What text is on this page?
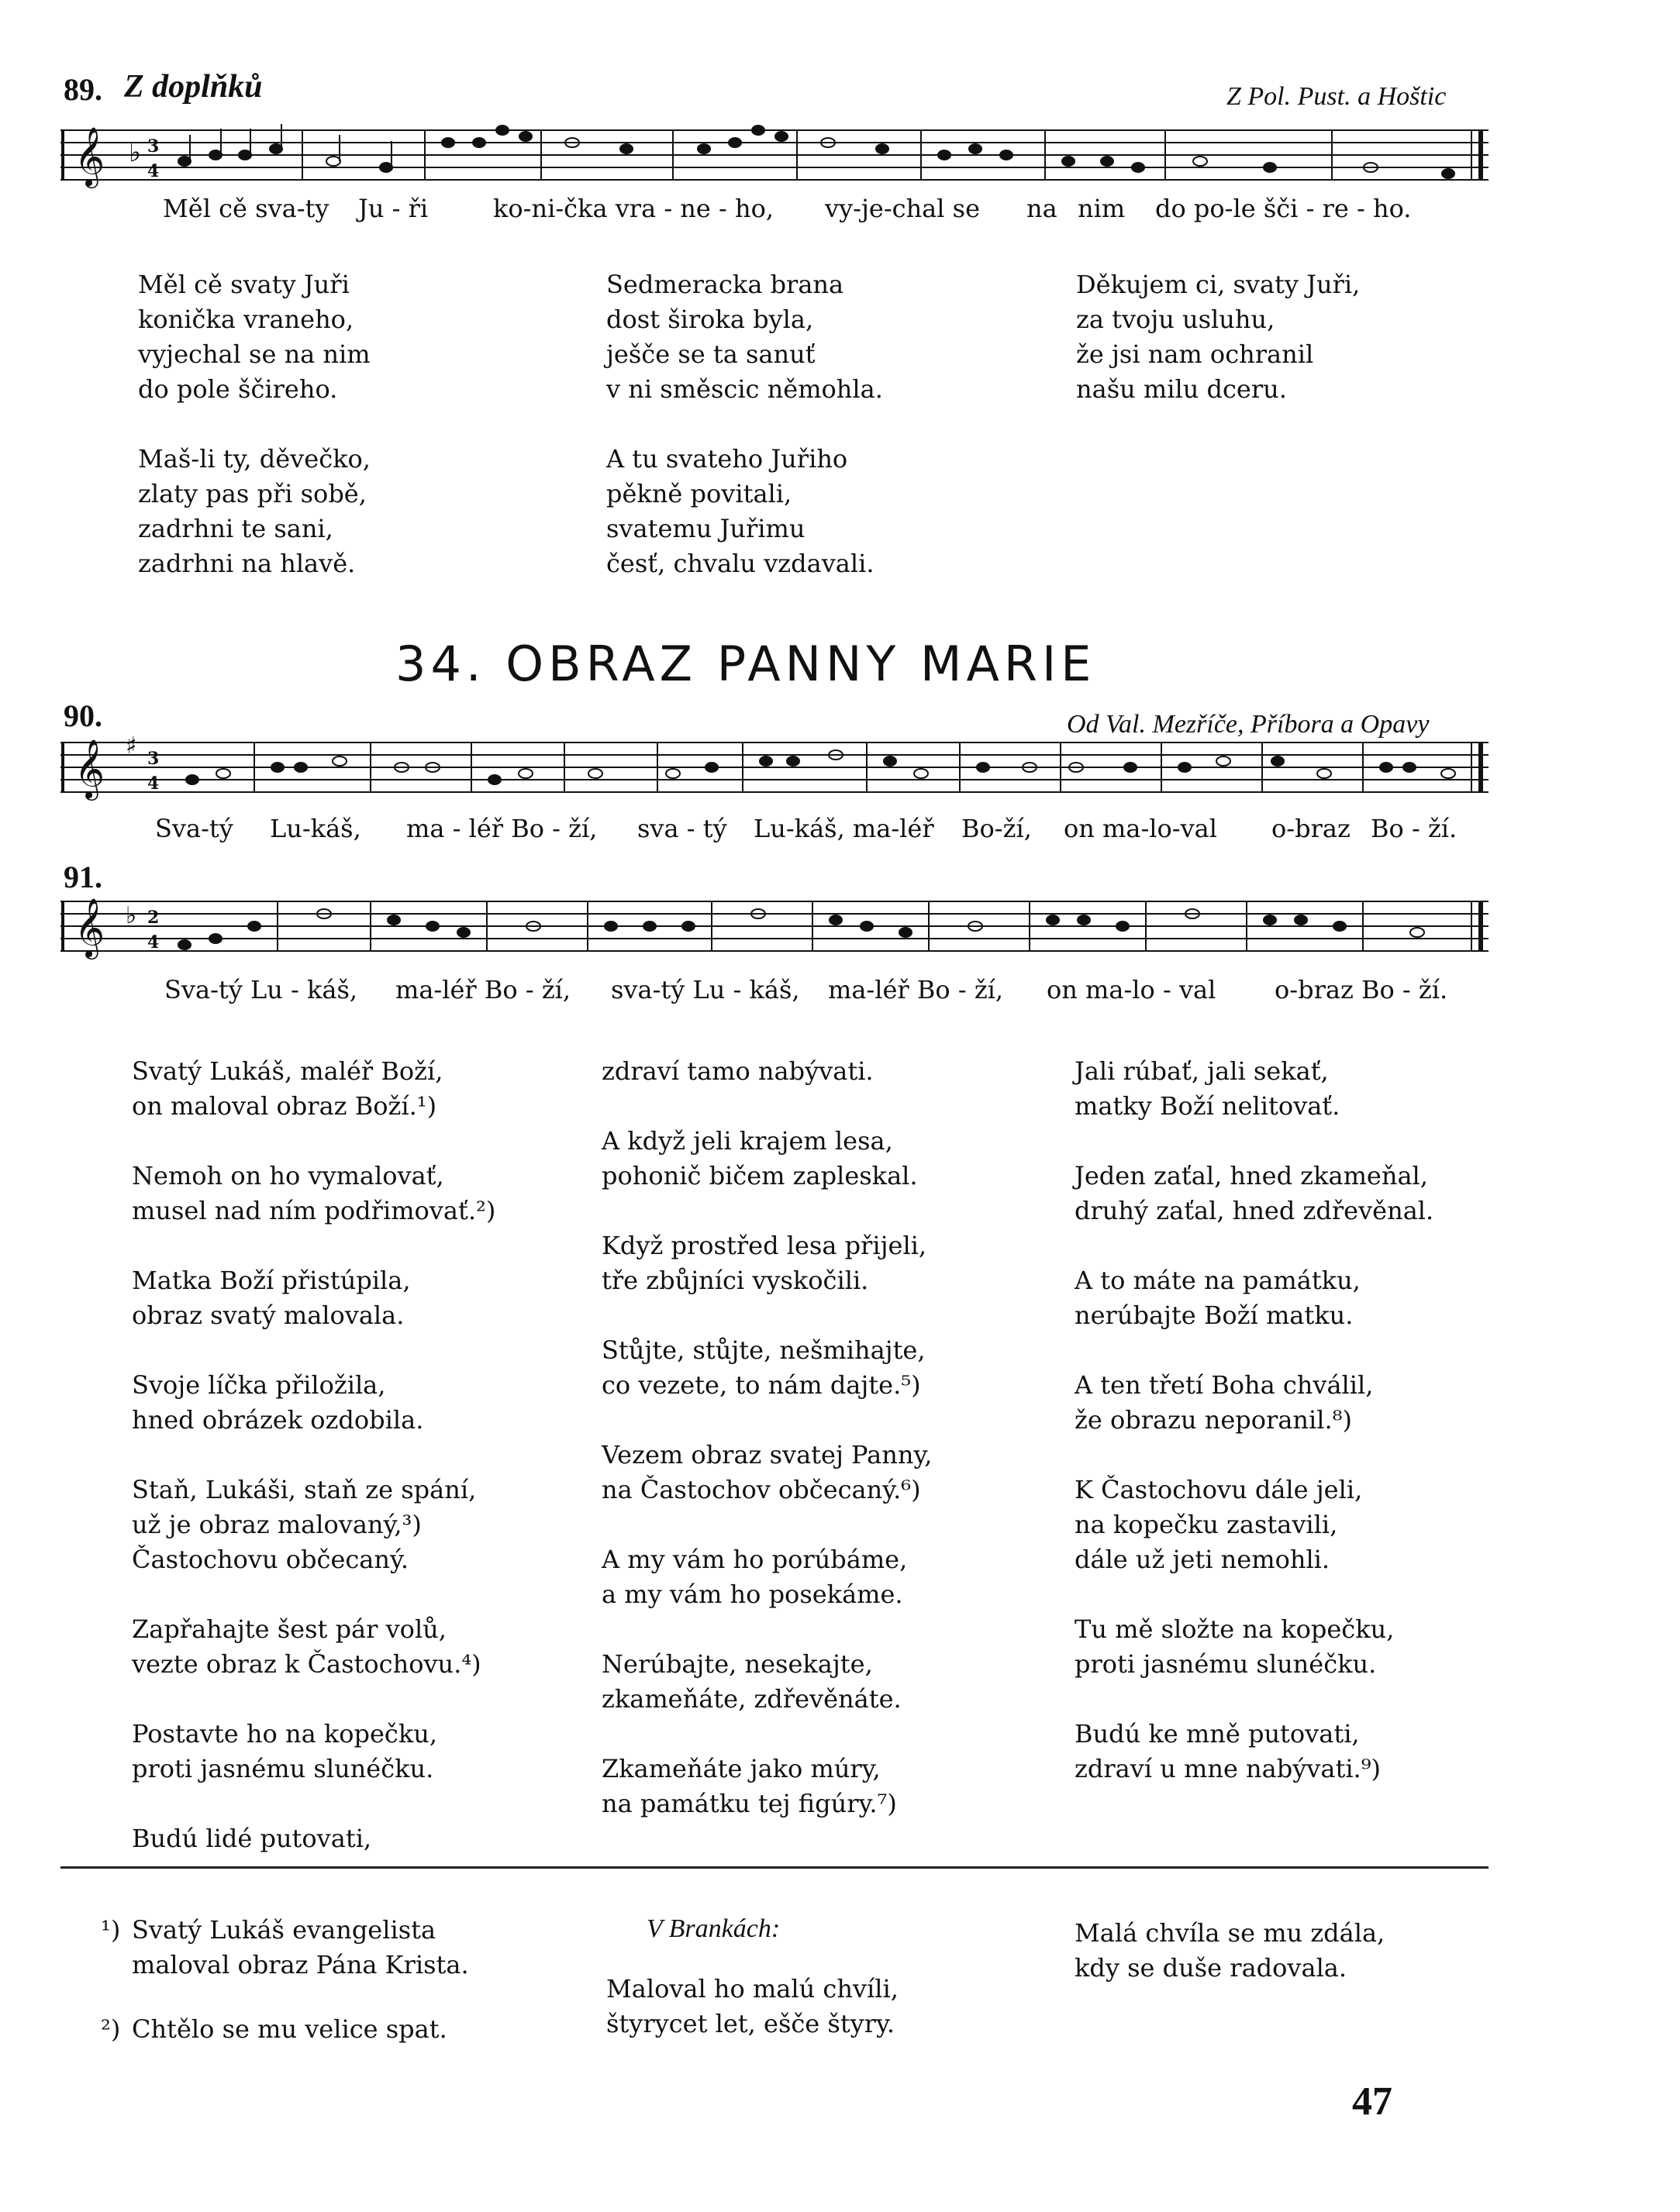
89. Z doplňků	Z Pol. Pust. a Hoštic
𝄞 ♭ 3
4
Měl cě sva-ty Ju - ři	ko-ni-čka vra - ne - ho, vy-je-chal se na nim do po-le šči - re - ho.
Měl cě svaty Juři
konička vraneho,
vyjechal se na nim
do pole ščireho.
Maš-li ty, děvečko,
zlaty pas při sobě,
zadrhni te sani,
zadrhni na hlavě.
Sedmeracka brana
dost široka byla,
ješče se ta sanuť
v ni směscic němohla.
A tu svateho Juřiho
pěkně povitali,
svatemu Juřimu
česť, chvalu vzdavali.
Děkujem ci, svaty Juři,
za tvoju usluhu,
že jsi nam ochranil
našu milu dceru.
34. OBRAZ PANNY MARIE
90.	Od Val. Mezříče, Příbora a Opavy
𝄞 ♯ 3
4
Sva-tý Lu-káš, ma - léř Bo - ží, sva - tý Lu-káš, ma-léř Bo-ží, on ma-lo-val o-braz Bo - ží.
91.
𝄞 ♭ 2
4
Sva-tý Lu - káš, ma-léř Bo - ží, sva-tý Lu - káš, ma-léř Bo - ží, on ma-lo - val o-braz Bo - ží.
Svatý Lukáš, maléř Boží,
on maloval obraz Boží.¹)
Nemoh on ho vymalovať,
musel nad ním podřimovať.²)
Matka Boží přistúpila,
obraz svatý malovala.
Svoje líčka přiložila,
hned obrázek ozdobila.
Staň, Lukáši, staň ze spání,
už je obraz malovaný,³)
Častochovu občecaný.
Zapřahajte šest pár volů,
vezte obraz k Častochovu.⁴)
Postavte ho na kopečku,
proti jasnému slunéčku.
Budú lidé putovati,
zdraví tamo nabývati.
A když jeli krajem lesa,
pohonič bičem zapleskal.
Když prostřed lesa přijeli,
tře zbůjníci vyskočili.
Stůjte, stůjte, nešmihajte,
co vezete, to nám dajte.⁵)
Vezem obraz svatej Panny,
na Častochov občecaný.⁶)
A my vám ho porúbáme,
a my vám ho posekáme.
Nerúbajte, nesekajte,
zkameňáte, zdřevěnáte.
Zkameňáte jako múry,
na památku tej figúry.⁷)
Jali rúbať, jali sekať,
matky Boží nelitovať.
Jeden zaťal, hned zkameňal,
druhý zaťal, hned zdřevěnal.
A to máte na památku,
nerúbajte Boží matku.
A ten třetí Boha chválil,
že obrazu neporanil.⁸)
K Častochovu dále jeli,
na kopečku zastavili,
dále už jeti nemohli.
Tu mě složte na kopečku,
proti jasnému slunéčku.
Budú ke mně putovati,
zdraví u mne nabývati.⁹)
¹) Svatý Lukáš evangelista
maloval obraz Pána Krista.
²) Chtělo se mu velice spat.
V Brankách:
Maloval ho malú chvíli,
štyrycet let, ešče štyry.
Malá chvíla se mu zdála,
kdy se duše radovala.
47
